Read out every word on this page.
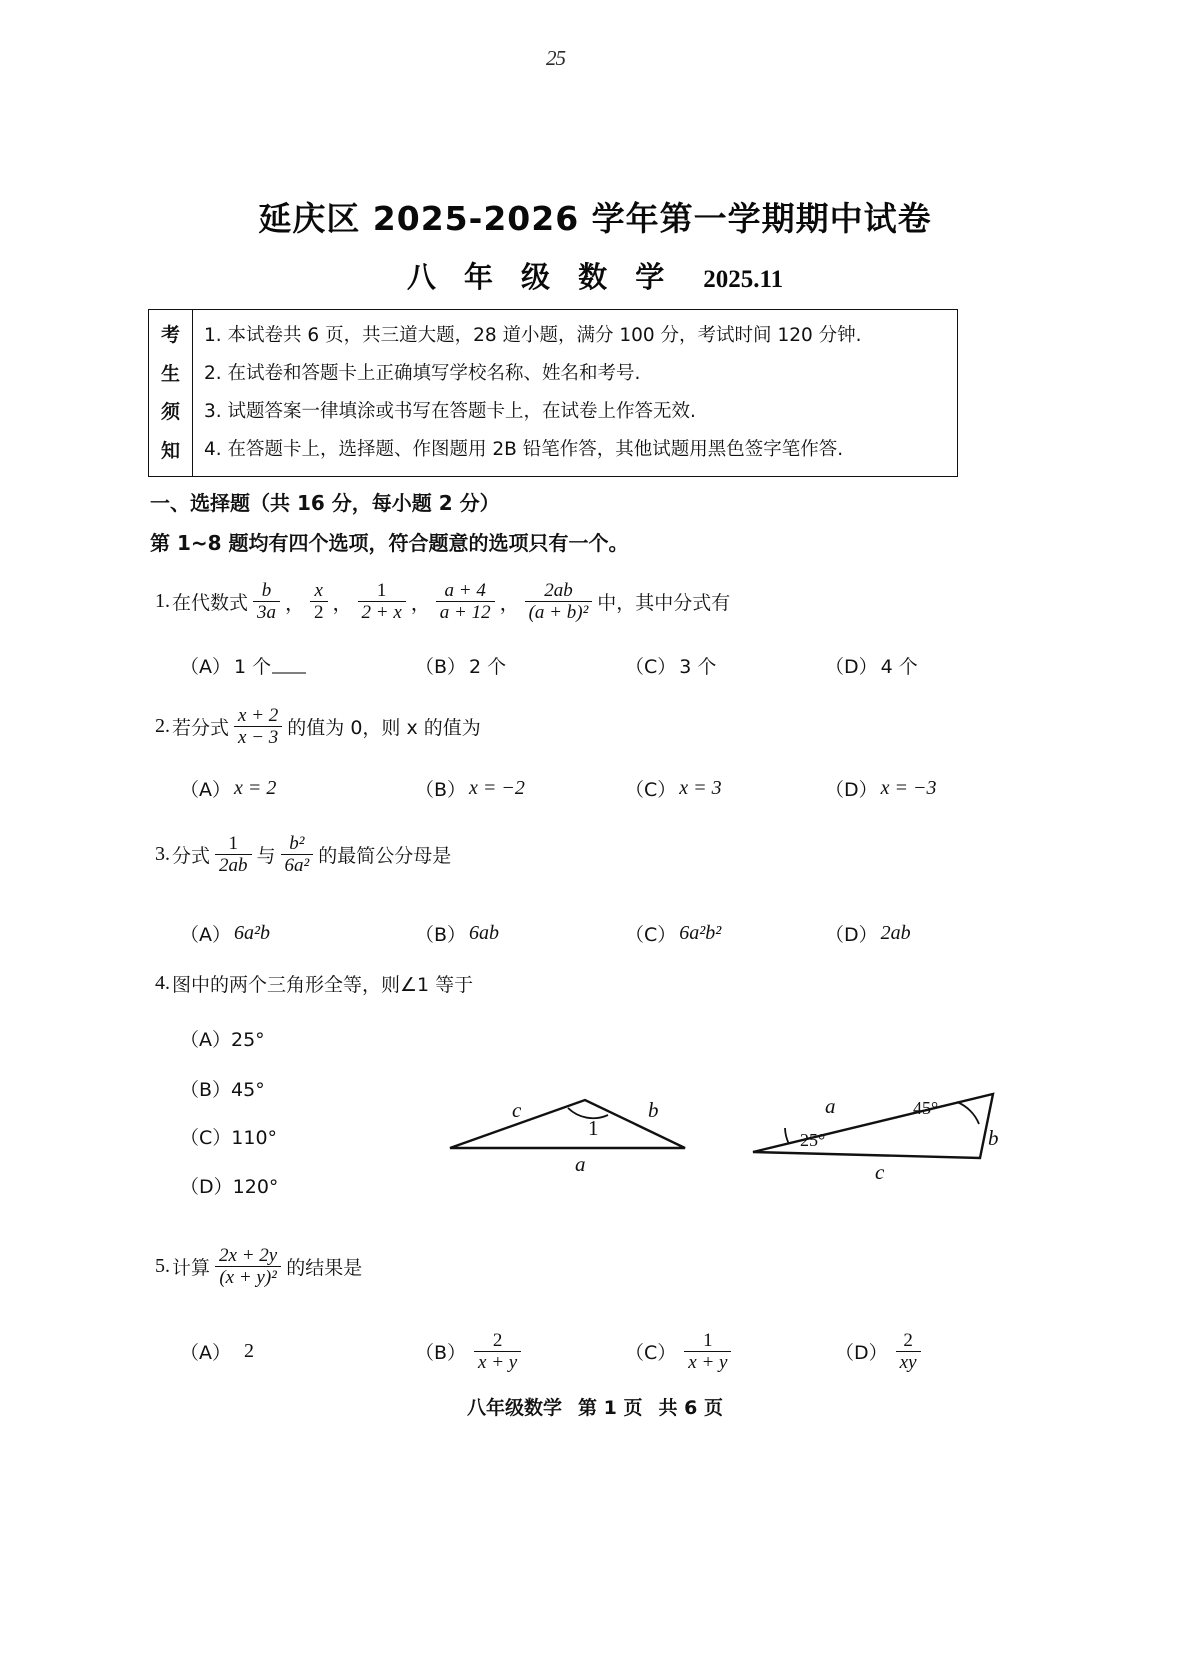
25
延庆区 2025-2026 学年第一学期期中试卷
八 年 级 数 学 2025.11
考
生
须
知
1. 本试卷共 6 页，共三道大题，28 道小题，满分 100 分，考试时间 120 分钟.
2. 在试卷和答题卡上正确填写学校名称、姓名和考号.
3. 试题答案一律填涂或书写在答题卡上，在试卷上作答无效.
4. 在答题卡上，选择题、作图题用 2B 铅笔作答，其他试题用黑色签字笔作答.
一、选择题（共 16 分，每小题 2 分）
第 1~8 题均有四个选项，符合题意的选项只有一个。
1. 在代数式 $\frac{b}{3a}$ ， $\frac{x}{2}$ ， $\frac{1}{2 + x}$ ， $\frac{a + 4}{a + 12}$ ， $\frac{2ab}{\text{(a + b)²}}$ 中，其中分式有
（A） 1 个	（B） 2 个	（C） 3 个	（D） 4 个
2. 若分式 $\frac{x + 2}{x - 3}$ 的值为 0，则 x 的值为
（A） x = 2	（B） x = −2	（C） x = 3	（D） x = −3
3. 分式 $\frac{1}{2ab}$ 与 $\frac{\text{b²}}{\text{6a²}}$ 的最简公分母是
（A） 6a²b	（B） 6ab	（C） 6a²b²	（D） 2ab
4. 图中的两个三角形全等，则∠1 等于
（A）25°
（B）45°
（C）110°
（D）120°
c
1
b
a
a	45°
25°
c
b
5. 计算 $\frac{2x + 2y}{\text{(x + y)²}}$ 的结果是
（A） 2	$(B) \frac{2}{x + y}$	$(C) \frac{1}{x + y}$	$(D) \frac{2}{xy}$
八年级数学 第 1 页 共 6 页
